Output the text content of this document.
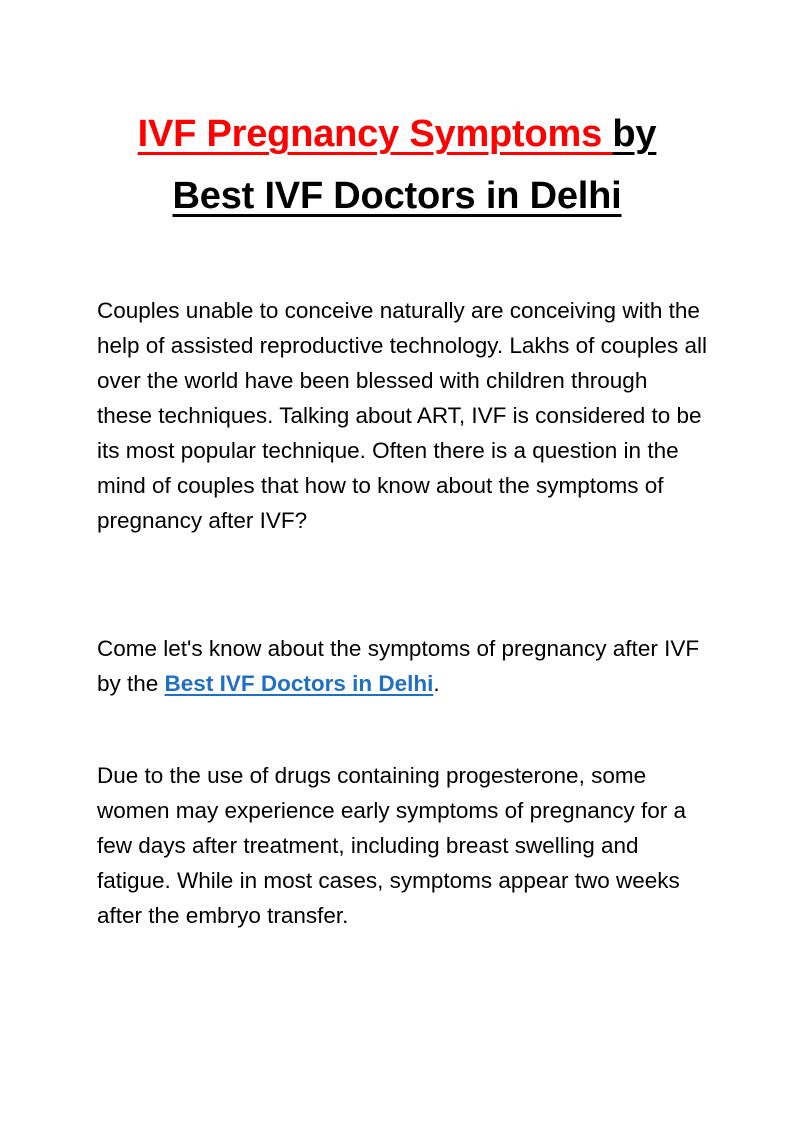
IVF Pregnancy Symptoms by
Best IVF Doctors in Delhi

Couples unable to conceive naturally are conceiving with the help of assisted reproductive technology. Lakhs of couples all over the world have been blessed with children through these techniques. Talking about ART, IVF is considered to be its most popular technique. Often there is a question in the mind of couples that how to know about the symptoms of pregnancy after IVF?

Come let's know about the symptoms of pregnancy after IVF by the Best IVF Doctors in Delhi.

Due to the use of drugs containing progesterone, some women may experience early symptoms of pregnancy for a few days after treatment, including breast swelling and fatigue. While in most cases, symptoms appear two weeks after the embryo transfer.
